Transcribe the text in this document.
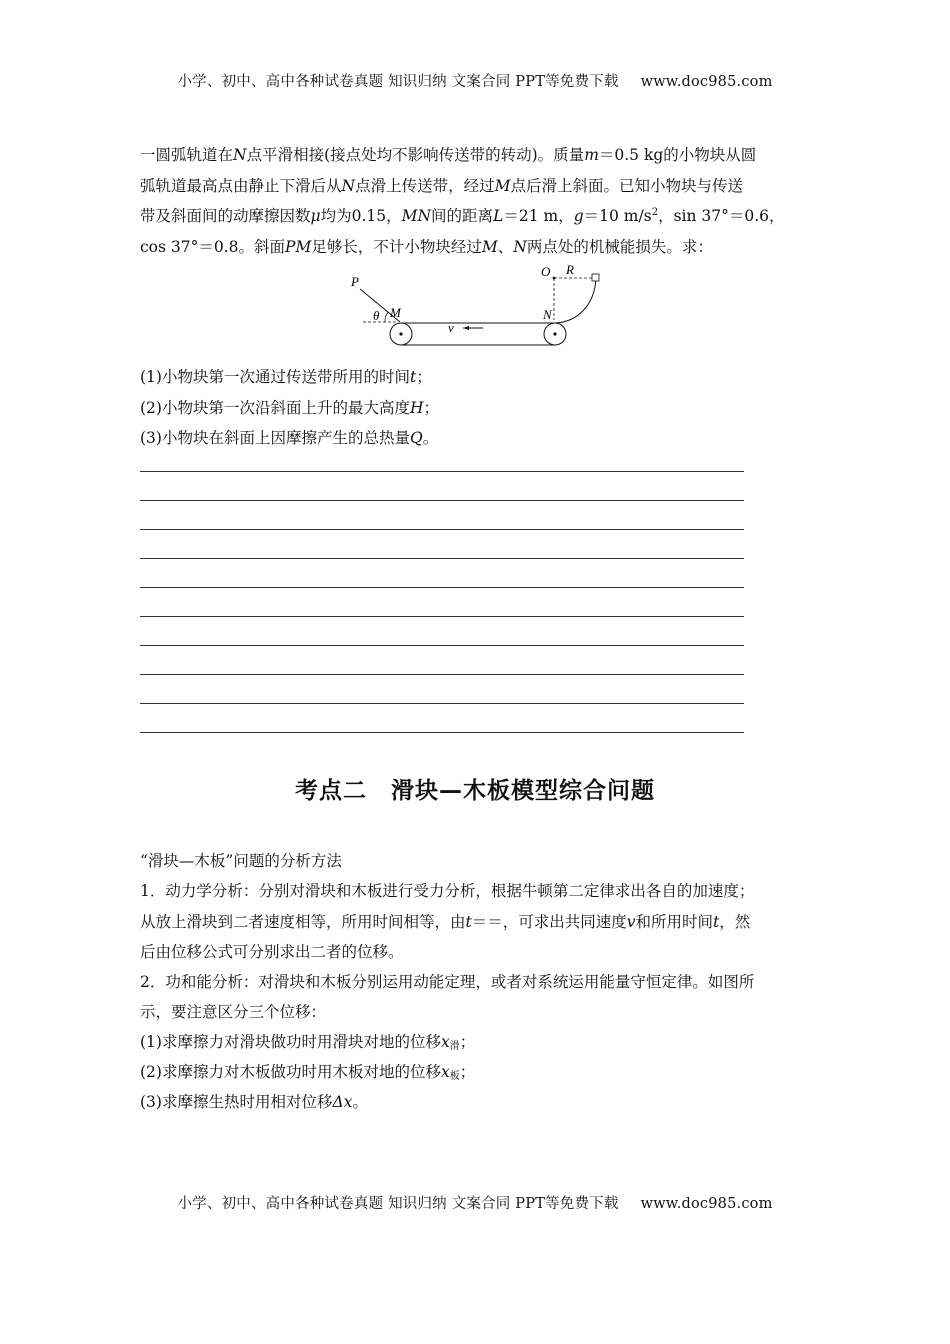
小学、初中、高中各种试卷真题 知识归纳 文案合同 PPT等免费下载 www.doc985.com
一圆弧轨道在N点平滑相接(接点处均不影响传送带的转动)。质量m＝0.5 kg的小物块从圆
弧轨道最高点由静止下滑后从N点滑上传送带，经过M点后滑上斜面。已知小物块与传送
带及斜面间的动摩擦因数μ均为0.15，MN间的距离L＝21 m，g＝10 $m/s^2$，sin 37°＝0.6，
cos 37°＝0.8。斜面PM足够长，不计小物块经过M、N两点处的机械能损失。求：
P
M	N
O R
θ
v
(1)小物块第一次通过传送带所用的时间t；
(2)小物块第一次沿斜面上升的最大高度H；
(3)小物块在斜面上因摩擦产生的总热量Q。
考点二　滑块—木板模型综合问题
“滑块—木板”问题的分析方法
1．动力学分析：分别对滑块和木板进行受力分析，根据牛顿第二定律求出各自的加速度；
从放上滑块到二者速度相等，所用时间相等，由t＝＝，可求出共同速度v和所用时间t，然
后由位移公式可分别求出二者的位移。
2．功和能分析：对滑块和木板分别运用动能定理，或者对系统运用能量守恒定律。如图所
示，要注意区分三个位移：
(1)求摩擦力对滑块做功时用滑块对地的位移$x_滑$；
(2)求摩擦力对木板做功时用木板对地的位移$x_板$；
(3)求摩擦生热时用相对位移Δx。
小学、初中、高中各种试卷真题 知识归纳 文案合同 PPT等免费下载 www.doc985.com
